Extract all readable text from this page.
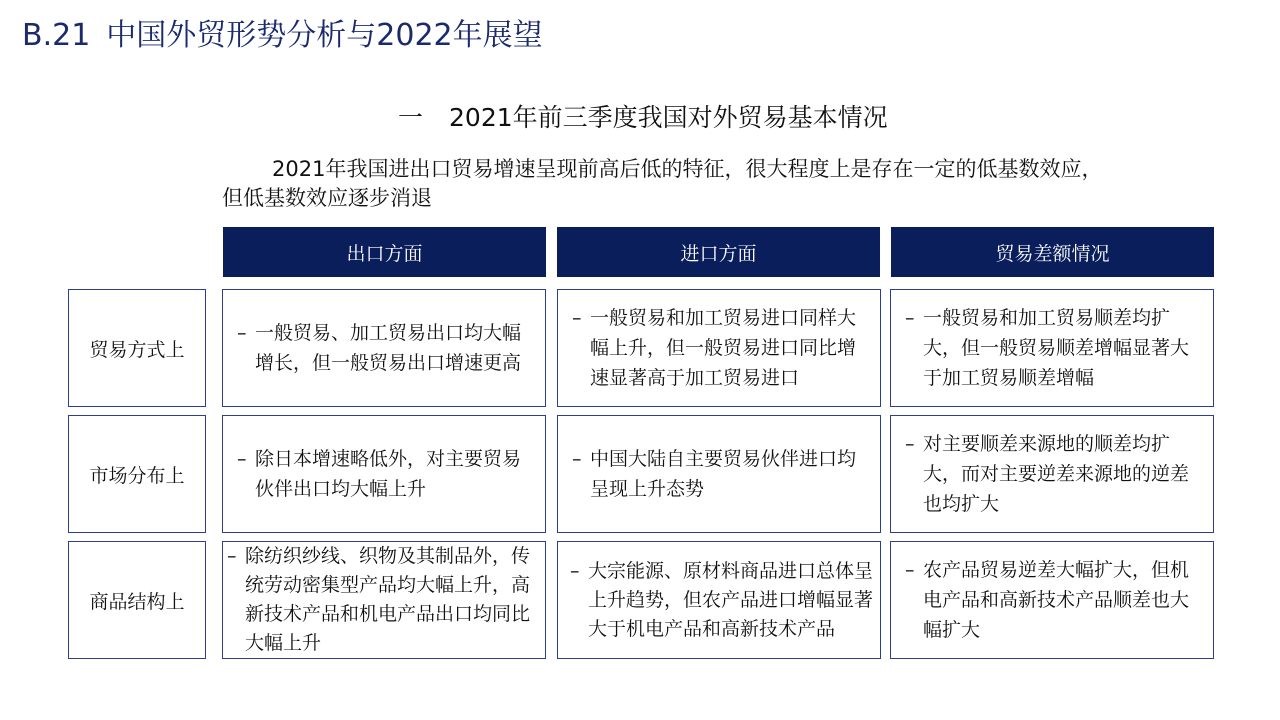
B.21 中国外贸形势分析与2022年展望
一 2021年前三季度我国对外贸易基本情况
2021年我国进出口贸易增速呈现前高后低的特征，很大程度上是存在一定的低基数效应，
但低基数效应逐步消退
出口方面	进口方面	贸易差额情况
贸易方式上
– 一般贸易、加工贸易出口均大幅增长，但一般贸易出口增速更高
– 一般贸易和加工贸易进口同样大幅上升，但一般贸易进口同比增速显著高于加工贸易进口
– 一般贸易和加工贸易顺差均扩大，但一般贸易顺差增幅显著大于加工贸易顺差增幅
市场分布上
– 除日本增速略低外，对主要贸易伙伴出口均大幅上升
– 中国大陆自主要贸易伙伴进口均呈现上升态势
– 对主要顺差来源地的顺差均扩大，而对主要逆差来源地的逆差也均扩大
商品结构上
– 除纺织纱线、织物及其制品外，传统劳动密集型产品均大幅上升，高新技术产品和机电产品出口均同比大幅上升
– 大宗能源、原材料商品进口总体呈上升趋势，但农产品进口增幅显著大于机电产品和高新技术产品
– 农产品贸易逆差大幅扩大，但机电产品和高新技术产品顺差也大幅扩大
